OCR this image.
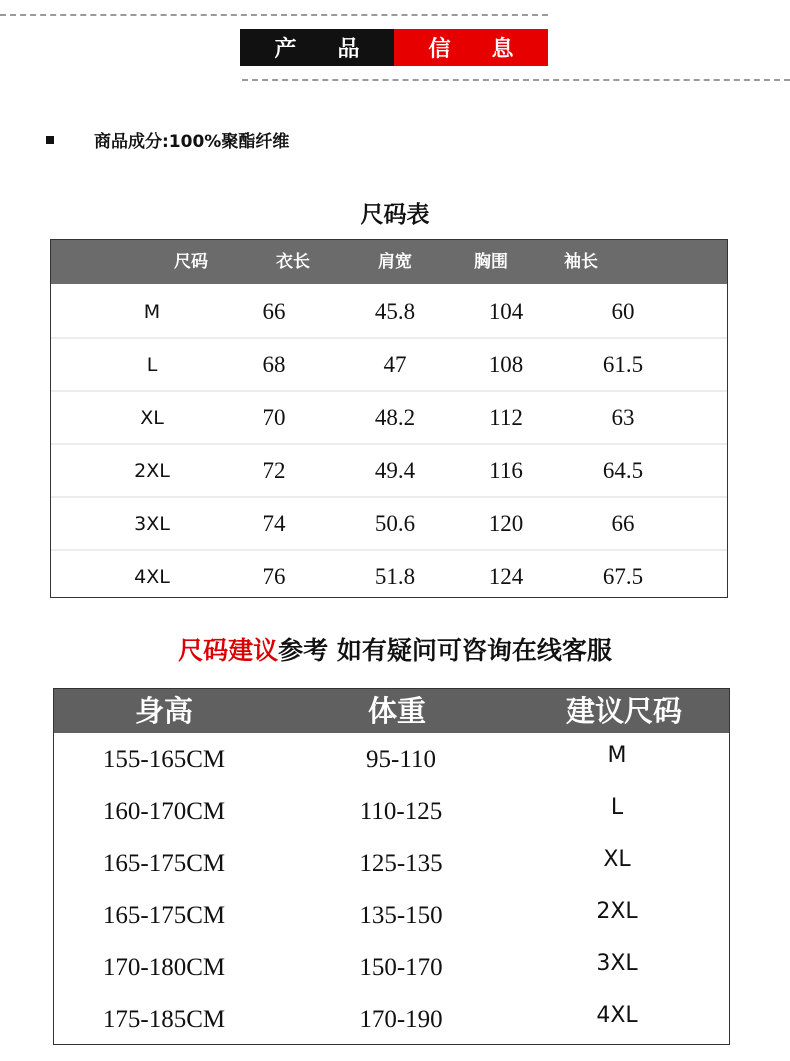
产 品	信 息
商品成分:100%聚酯纤维
尺码表
尺码	衣长	肩宽	胸围	袖长
M	66	45.8	104	60
L	68	47	108	61.5
XL	70	48.2	112	63
2XL	72	49.4	116	64.5
3XL	74	50.6	120	66
4XL	76	51.8	124	67.5
尺码建议参考 如有疑问可咨询在线客服
身高	体重	建议尺码
155-165CM	95-110	M
160-170CM	110-125	L
165-175CM	125-135	XL
165-175CM	135-150	2XL
170-180CM	150-170	3XL
175-185CM	170-190	4XL
